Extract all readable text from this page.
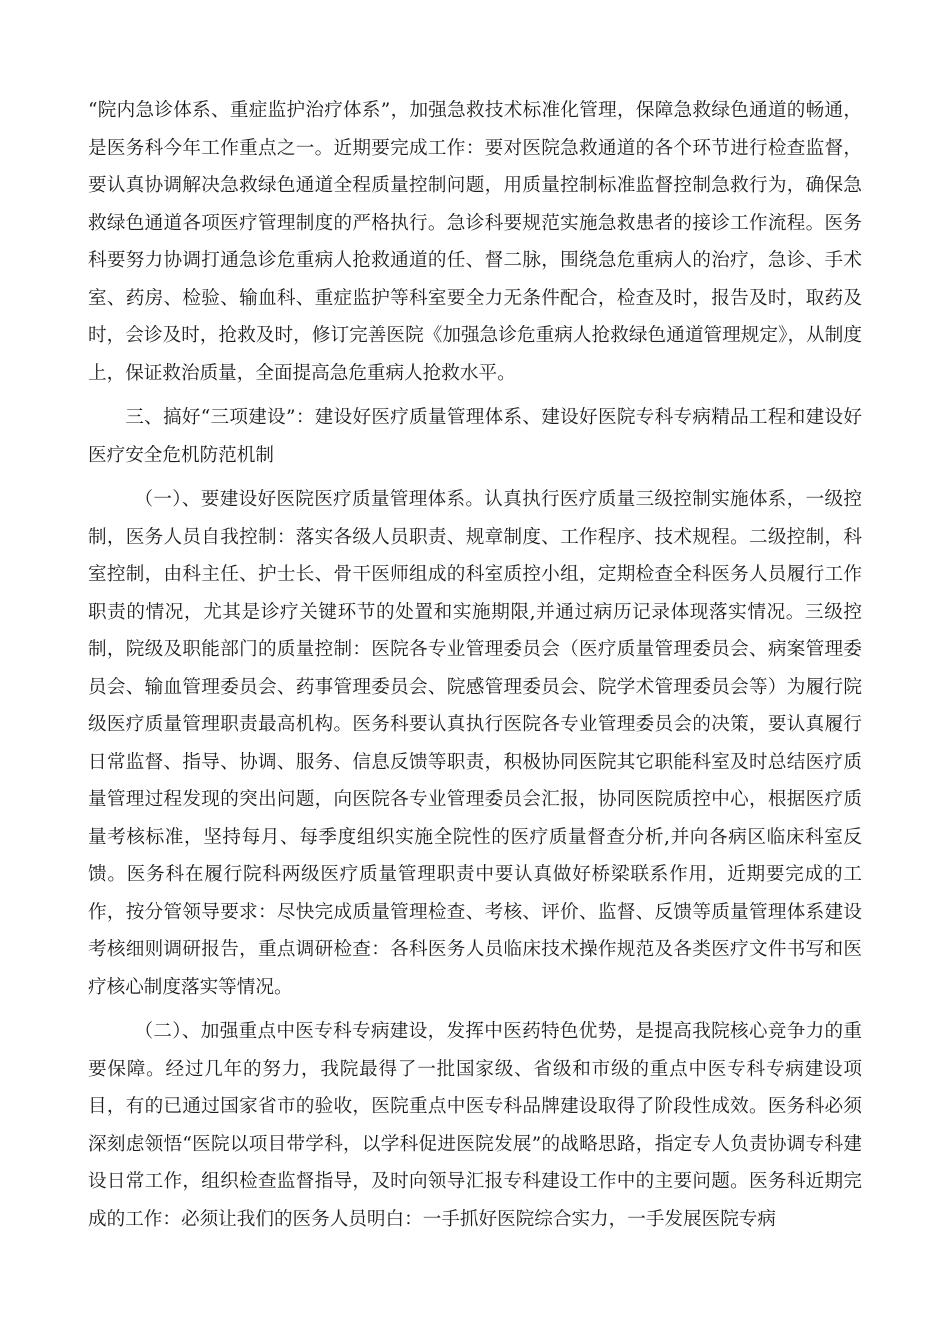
“院内急诊体系、重症监护治疗体系”，加强急救技术标准化管理，保障急救绿色通道的畅通，是医务科今年工作重点之一。近期要完成工作：要对医院急救通道的各个环节进行检查监督，要认真协调解决急救绿色通道全程质量控制问题，用质量控制标准监督控制急救行为，确保急救绿色通道各项医疗管理制度的严格执行。急诊科要规范实施急救患者的接诊工作流程。医务科要努力协调打通急诊危重病人抢救通道的任、督二脉，围绕急危重病人的治疗，急诊、手术室、药房、检验、输血科、重症监护等科室要全力无条件配合，检查及时，报告及时，取药及时，会诊及时，抢救及时，修订完善医院《加强急诊危重病人抢救绿色通道管理规定》，从制度上，保证救治质量，全面提高急危重病人抢救水平。

三、搞好“三项建设”：建设好医疗质量管理体系、建设好医院专科专病精品工程和建设好医疗安全危机防范机制

（一）、要建设好医院医疗质量管理体系。认真执行医疗质量三级控制实施体系，一级控制，医务人员自我控制：落实各级人员职责、规章制度、工作程序、技术规程。二级控制，科室控制，由科主任、护士长、骨干医师组成的科室质控小组，定期检查全科医务人员履行工作职责的情况，尤其是诊疗关键环节的处置和实施期限,并通过病历记录体现落实情况。三级控制，院级及职能部门的质量控制：医院各专业管理委员会（医疗质量管理委员会、病案管理委员会、输血管理委员会、药事管理委员会、院感管理委员会、院学术管理委员会等）为履行院级医疗质量管理职责最高机构。医务科要认真执行医院各专业管理委员会的决策，要认真履行日常监督、指导、协调、服务、信息反馈等职责，积极协同医院其它职能科室及时总结医疗质量管理过程发现的突出问题，向医院各专业管理委员会汇报，协同医院质控中心，根据医疗质量考核标准，坚持每月、每季度组织实施全院性的医疗质量督查分析,并向各病区临床科室反馈。医务科在履行院科两级医疗质量管理职责中要认真做好桥梁联系作用，近期要完成的工作，按分管领导要求：尽快完成质量管理检查、考核、评价、监督、反馈等质量管理体系建设考核细则调研报告，重点调研检查：各科医务人员临床技术操作规范及各类医疗文件书写和医疗核心制度落实等情况。

（二）、加强重点中医专科专病建设，发挥中医药特色优势，是提高我院核心竞争力的重要保障。经过几年的努力，我院最得了一批国家级、省级和市级的重点中医专科专病建设项目，有的已通过国家省市的验收，医院重点中医专科品牌建设取得了阶段性成效。医务科必须深刻虑领悟“医院以项目带学科，以学科促进医院发展”的战略思路，指定专人负责协调专科建设日常工作，组织检查监督指导，及时向领导汇报专科建设工作中的主要问题。医务科近期完成的工作：必须让我们的医务人员明白：一手抓好医院综合实力，一手发展医院专病
